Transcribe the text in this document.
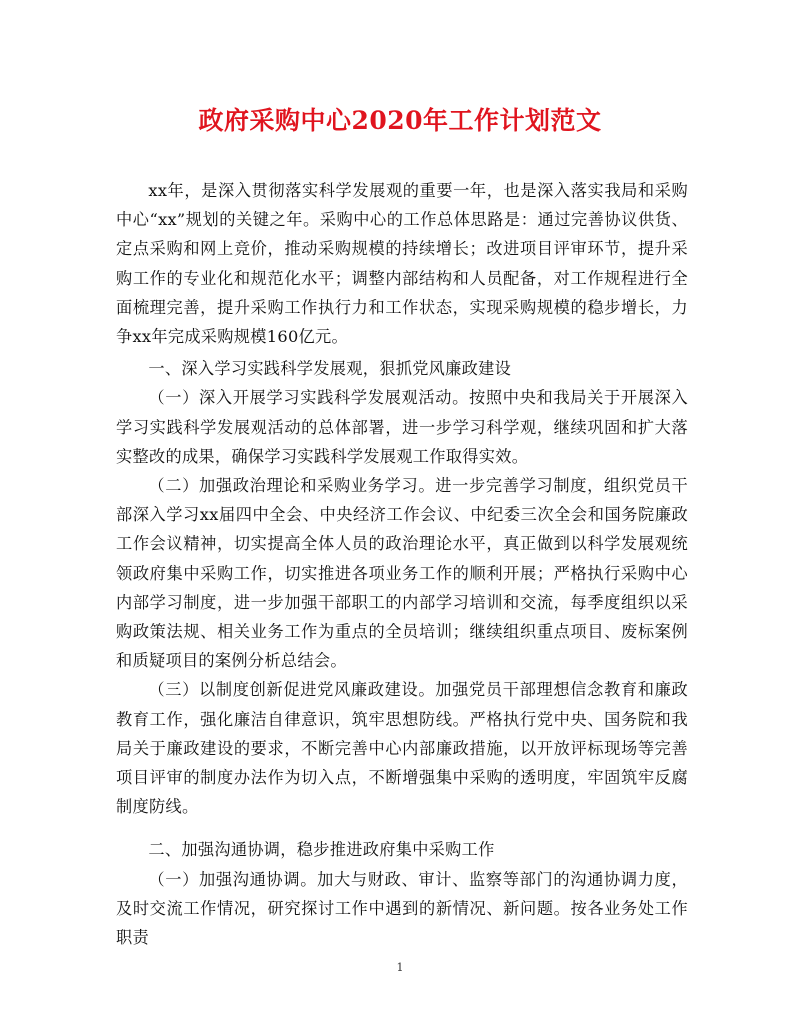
政府采购中心2020年工作计划范文

xx年，是深入贯彻落实科学发展观的重要一年，也是深入落实我局和采购中心“xx”规划的关键之年。采购中心的工作总体思路是：通过完善协议供货、定点采购和网上竞价，推动采购规模的持续增长；改进项目评审环节，提升采购工作的专业化和规范化水平；调整内部结构和人员配备，对工作规程进行全面梳理完善，提升采购工作执行力和工作状态，实现采购规模的稳步增长，力争xx年完成采购规模160亿元。

一、深入学习实践科学发展观，狠抓党风廉政建设

（一）深入开展学习实践科学发展观活动。按照中央和我局关于开展深入学习实践科学发展观活动的总体部署，进一步学习科学观，继续巩固和扩大落实整改的成果，确保学习实践科学发展观工作取得实效。

（二）加强政治理论和采购业务学习。进一步完善学习制度，组织党员干部深入学习xx届四中全会、中央经济工作会议、中纪委三次全会和国务院廉政工作会议精神，切实提高全体人员的政治理论水平，真正做到以科学发展观统领政府集中采购工作，切实推进各项业务工作的顺利开展；严格执行采购中心内部学习制度，进一步加强干部职工的内部学习培训和交流，每季度组织以采购政策法规、相关业务工作为重点的全员培训；继续组织重点项目、废标案例和质疑项目的案例分析总结会。

（三）以制度创新促进党风廉政建设。加强党员干部理想信念教育和廉政教育工作，强化廉洁自律意识，筑牢思想防线。严格执行党中央、国务院和我局关于廉政建设的要求，不断完善中心内部廉政措施，以开放评标现场等完善项目评审的制度办法作为切入点，不断增强集中采购的透明度，牢固筑牢反腐制度防线。

二、加强沟通协调，稳步推进政府集中采购工作

（一）加强沟通协调。加大与财政、审计、监察等部门的沟通协调力度，及时交流工作情况，研究探讨工作中遇到的新情况、新问题。按各业务处工作职责

1
